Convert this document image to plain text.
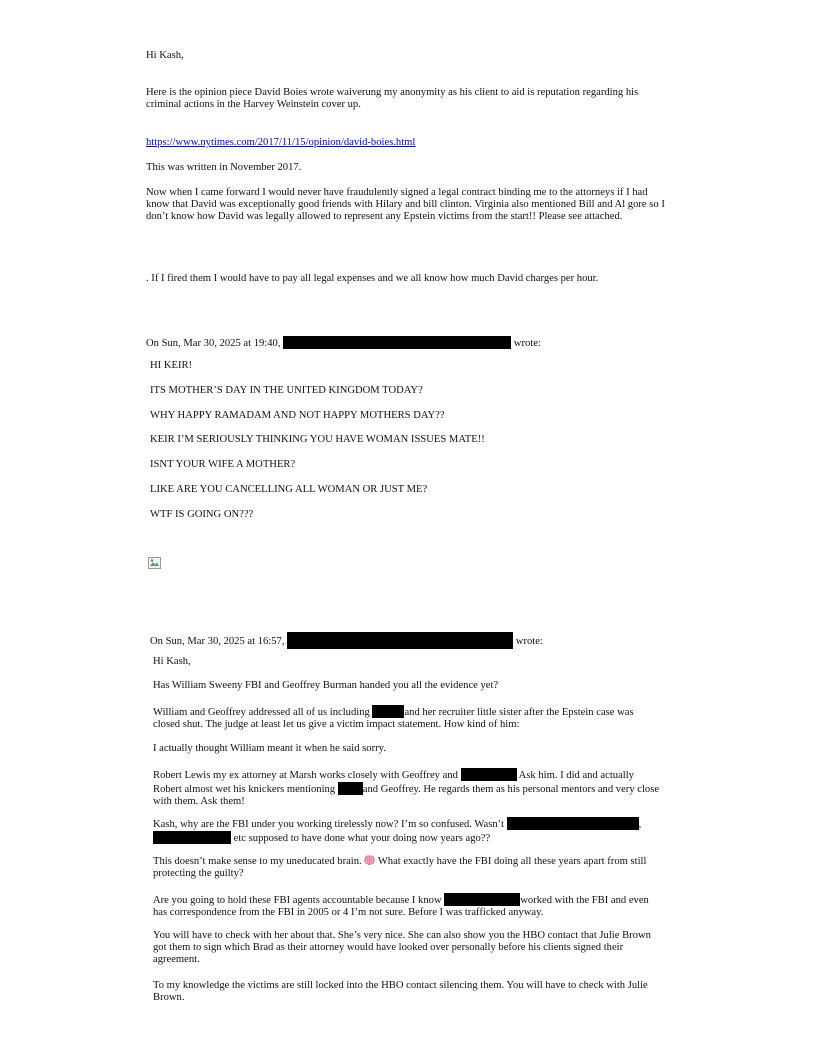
Hi Kash,

Here is the opinion piece David Boies wrote waiverung my anonymity as his client to aid is reputation regarding his criminal actions in the Harvey Weinstein cover up.

https://www.nytimes.com/2017/11/15/opinion/david-boies.html

This was written in November 2017.

Now when I came forward I would never have fraudulently signed a legal contract binding me to the attorneys if I had know that David was exceptionally good friends with Hilary and bill clinton. Virginia also mentioned Bill and Al gore so I don’t know how David was legally allowed to represent any Epstein victims from the start!! Please see attached.

. If I fired them I would have to pay all legal expenses and we all know how much David charges per hour.

On Sun, Mar 30, 2025 at 19:40,	wrote:

HI KEIR!

ITS MOTHER’S DAY IN THE UNITED KINGDOM TODAY?

WHY HAPPY RAMADAM AND NOT HAPPY MOTHERS DAY??

KEIR I’M SERIOUSLY THINKING YOU HAVE WOMAN ISSUES MATE!!

ISNT YOUR WIFE A MOTHER?

LIKE ARE YOU CANCELLING ALL WOMAN OR JUST ME?

WTF IS GOING ON???

On Sun, Mar 30, 2025 at 16:57,	wrote:

Hi Kash,

Has William Sweeny FBI and Geoffrey Burman handed you all the evidence yet?

William and Geoffrey addressed all of us including	and her recruiter little sister after the Epstein case was closed shut. The judge at least let us give a victim impact statement. How kind of him:

I actually thought William meant it when he said sorry.

Robert Lewis my ex attorney at Marsh works closely with Geoffrey and	Ask him. I did and actually Robert almost wet his knickers mentioning	and Geoffrey. He regards them as his personal mentors and very close with them. Ask them!

Kash, why are the FBI under you working tirelessly now? I’m so confused. Wasn’t	,  etc supposed to have done what your doing now years ago??

This doesn’t make sense to my uneducated brain. What exactly have the FBI doing all these years apart from still protecting the guilty?

Are you going to hold these FBI agents accountable because I know	worked with the FBI and even has correspondence from the FBI in 2005 or 4 I’m not sure. Before I was trafficked anyway.

You will have to check with her about that. She’s very nice. She can also show you the HBO contact that Julie Brown got them to sign which Brad as their attorney would have looked over personally before his clients signed their agreement.

To my knowledge the victims are still locked into the HBO contact silencing them. You will have to check with Julie Brown.
